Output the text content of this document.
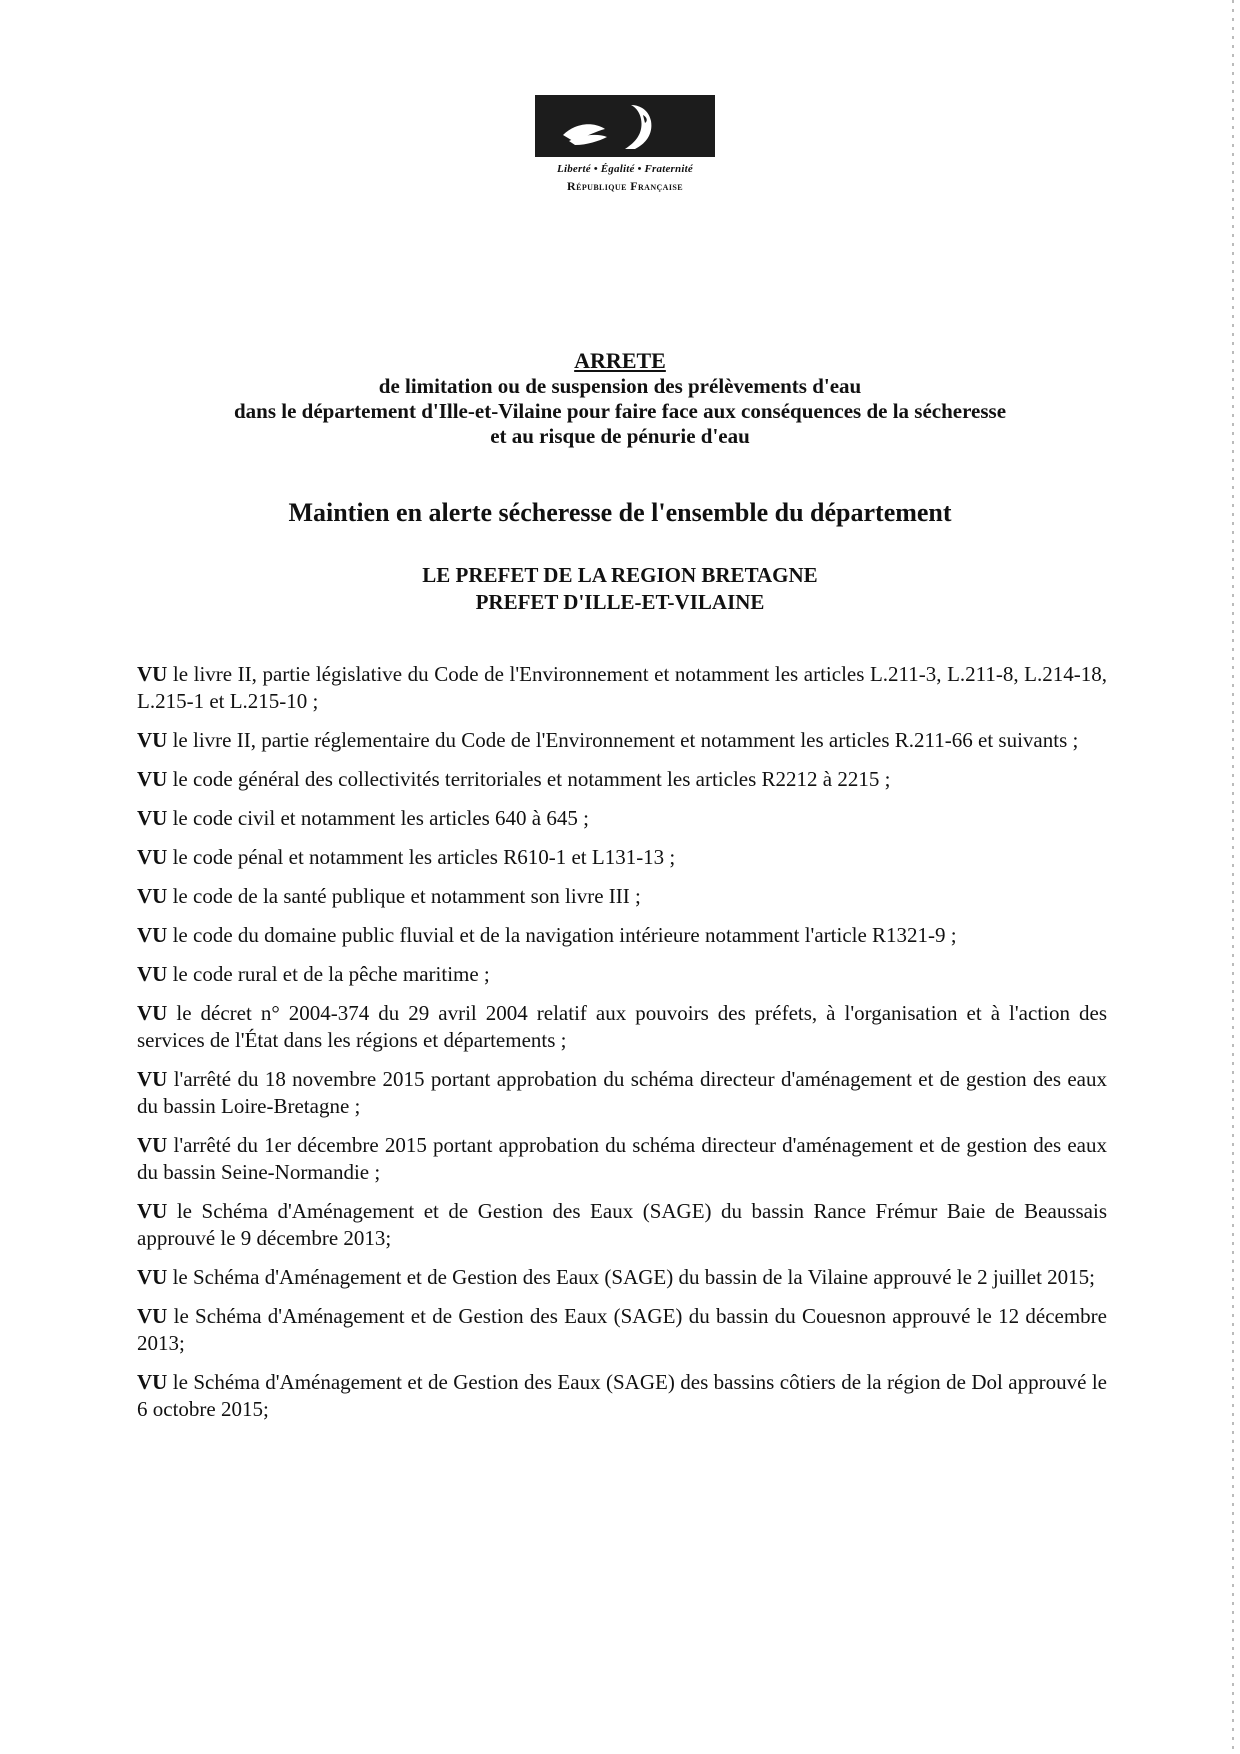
Liberté • Égalité • Fraternité
République Française
ARRETE
de limitation ou de suspension des prélèvements d'eau
dans le département d'Ille-et-Vilaine pour faire face aux conséquences de la sécheresse
et au risque de pénurie d'eau
Maintien en alerte sécheresse de l'ensemble du département
LE PREFET DE LA REGION BRETAGNE
PREFET D'ILLE-ET-VILAINE

VU le livre II, partie législative du Code de l'Environnement et notamment les articles L.211-3, L.211-8, L.214-18, L.215-1 et L.215-10 ;

VU le livre II, partie réglementaire du Code de l'Environnement et notamment les articles R.211-66 et suivants ;

VU le code général des collectivités territoriales et notamment les articles R2212 à 2215 ;

VU le code civil et notamment les articles 640 à 645 ;

VU le code pénal et notamment les articles R610-1 et L131-13 ;

VU le code de la santé publique et notamment son livre III ;

VU le code du domaine public fluvial et de la navigation intérieure notamment l'article R1321-9 ;

VU le code rural et de la pêche maritime ;

VU le décret n° 2004-374 du 29 avril 2004 relatif aux pouvoirs des préfets, à l'organisation et à l'action des services de l'État dans les régions et départements ;

VU l'arrêté du 18 novembre 2015 portant approbation du schéma directeur d'aménagement et de gestion des eaux du bassin Loire-Bretagne ;

VU l'arrêté du 1er décembre 2015 portant approbation du schéma directeur d'aménagement et de gestion des eaux du bassin Seine-Normandie ;

VU le Schéma d'Aménagement et de Gestion des Eaux (SAGE) du bassin Rance Frémur Baie de Beaussais approuvé le 9 décembre 2013;

VU le Schéma d'Aménagement et de Gestion des Eaux (SAGE) du bassin de la Vilaine approuvé le 2 juillet 2015;

VU le Schéma d'Aménagement et de Gestion des Eaux (SAGE) du bassin du Couesnon approuvé le 12 décembre 2013;

VU le Schéma d'Aménagement et de Gestion des Eaux (SAGE) des bassins côtiers de la région de Dol approuvé le 6 octobre 2015;
